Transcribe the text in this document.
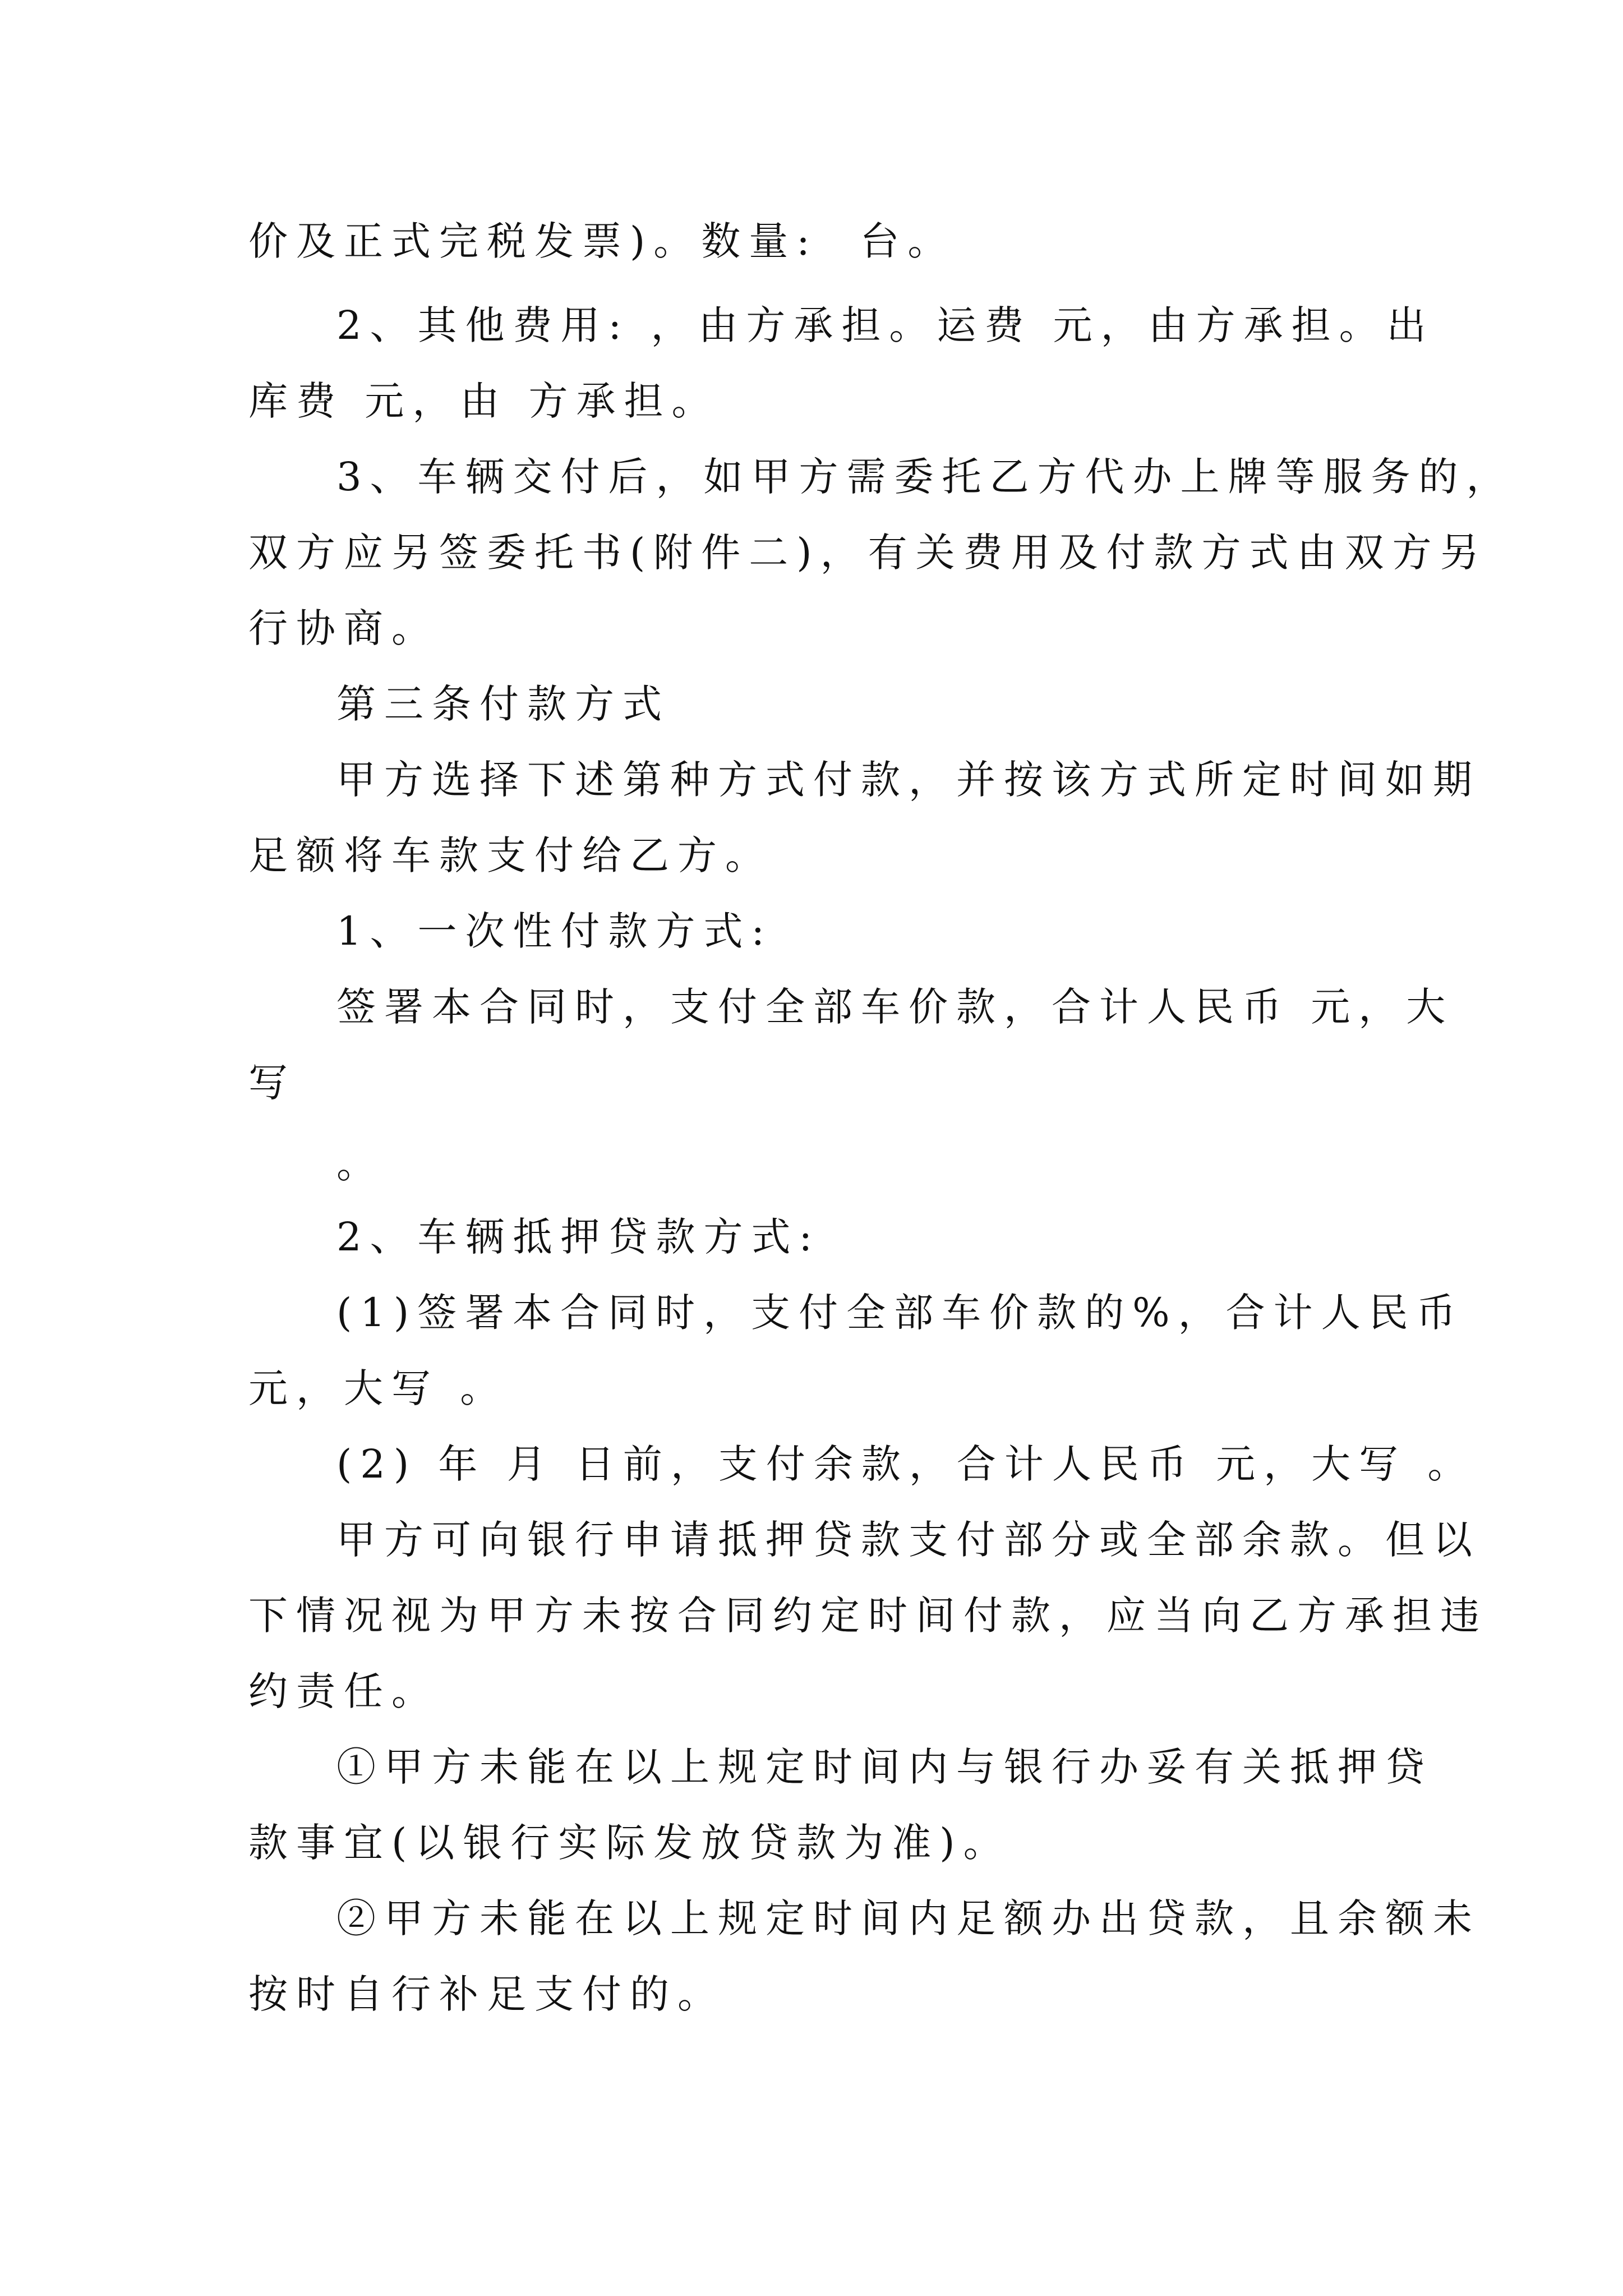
价及正式完税发票)。数量:  台。
2、其他费用: ，由方承担。运费 元，由方承担。出
库费 元，由 方承担。
3、车辆交付后，如甲方需委托乙方代办上牌等服务的，
双方应另签委托书(附件二)，有关费用及付款方式由双方另
行协商。
第三条付款方式
甲方选择下述第种方式付款，并按该方式所定时间如期
足额将车款支付给乙方。
1、一次性付款方式:
签署本合同时，支付全部车价款，合计人民币 元，大
写
。
2、车辆抵押贷款方式:
(1)签署本合同时，支付全部车价款的%，合计人民币
元，大写 。
(2) 年 月 日前，支付余款，合计人民币 元，大写 。
甲方可向银行申请抵押贷款支付部分或全部余款。但以
下情况视为甲方未按合同约定时间付款，应当向乙方承担违
约责任。
①甲方未能在以上规定时间内与银行办妥有关抵押贷
款事宜(以银行实际发放贷款为准)。
②甲方未能在以上规定时间内足额办出贷款，且余额未
按时自行补足支付的。
